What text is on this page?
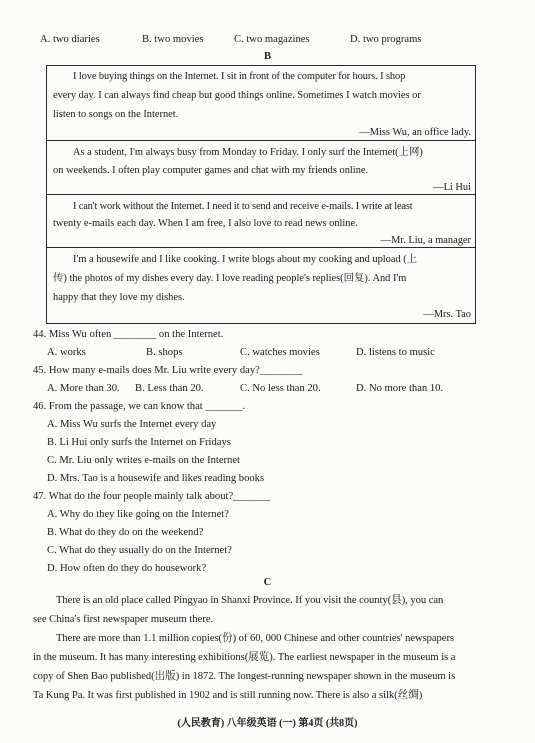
A. two diaries	B. two movies	C. two magazines	D. two programs
B
I love buying things on the Internet. I sit in front of the computer for hours. I shop
every day. I can always find cheap but good things online. Sometimes I watch movies or
listen to songs on the Internet.
—Miss Wu, an office lady.
As a student, I'm always busy from Monday to Friday. I only surf the Internet(上网)
on weekends. I often play computer games and chat with my friends online.
—Li Hui
I can't work without the Internet. I need it to send and receive e-mails. I write at least
twenty e-mails each day. When I am free, I also love to read news online.
—Mr. Liu, a manager
I'm a housewife and I like cooking. I write blogs about my cooking and upload (上
传) the photos of my dishes every day. I love reading people's replies(回复). And I'm
happy that they love my dishes.
—Mrs. Tao
44. Miss Wu often ________ on the Internet.
A. works	B. shops	C. watches movies	D. listens to music
45. How many e-mails does Mr. Liu write every day?________
A. More than 30. B. Less than 20.	C. No less than 20.	D. No more than 10.
46. From the passage, we can know that _______.
A. Miss Wu surfs the Internet every day
B. Li Hui only surfs the Internet on Fridays
C. Mr. Liu only writes e-mails on the Internet
D. Mrs. Tao is a housewife and likes reading books
47. What do the four people mainly talk about?_______
A. Why do they like going on the Internet?
B. What do they do on the weekend?
C. What do they usually do on the Internet?
D. How often do they do housework?
C
There is an old place called Pingyao in Shanxi Province. If you visit the county(县), you can
see China's first newspaper museum there.
There are more than 1.1 million copies(份) of 60, 000 Chinese and other countries' newspapers
in the museum. It has many interesting exhibitions(展览). The earliest newspaper in the museum is a
copy of Shen Bao published(出版) in 1872. The longest-running newspaper shown in the museum is
Ta Kung Pa. It was first published in 1902 and is still running now. There is also a silk(丝绸)
(人民教育) 八年级英语 (一) 第4页 (共8页)
